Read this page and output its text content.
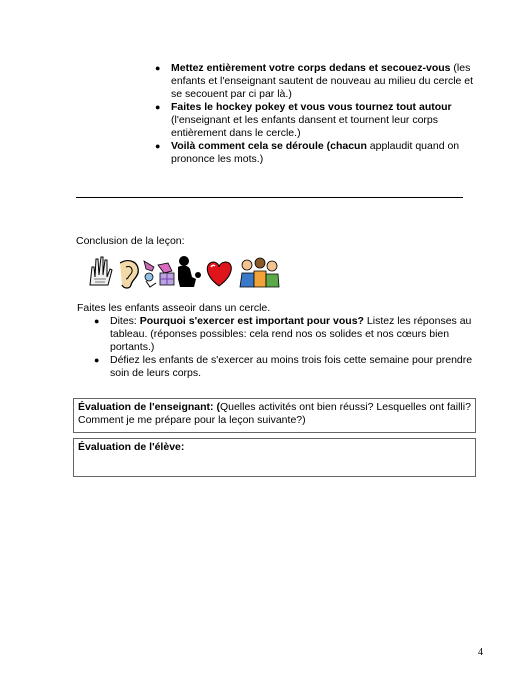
● Mettez entièrement votre corps dedans et secouez-vous (les enfants et l'enseignant sautent de nouveau au milieu du cercle et se secouent par ci par là.)
● Faites le hockey pokey et vous vous tournez tout autour (l'enseignant et les enfants dansent et tournent leur corps entièrement dans le cercle.)
● Voilà comment cela se déroule (chacun applaudit quand on prononce les mots.)
Conclusion de la leçon:
Faites les enfants asseoir dans un cercle.
● Dites: Pourquoi s'exercer est important pour vous? Listez les réponses au tableau. (réponses possibles: cela rend nos os solides et nos cœurs bien portants.)
● Défiez les enfants de s'exercer au moins trois fois cette semaine pour prendre soin de leurs corps.
Évaluation de l'enseignant: (Quelles activités ont bien réussi? Lesquelles ont failli? Comment je me prépare pour la leçon suivante?)
Évaluation de l'élève:
4
